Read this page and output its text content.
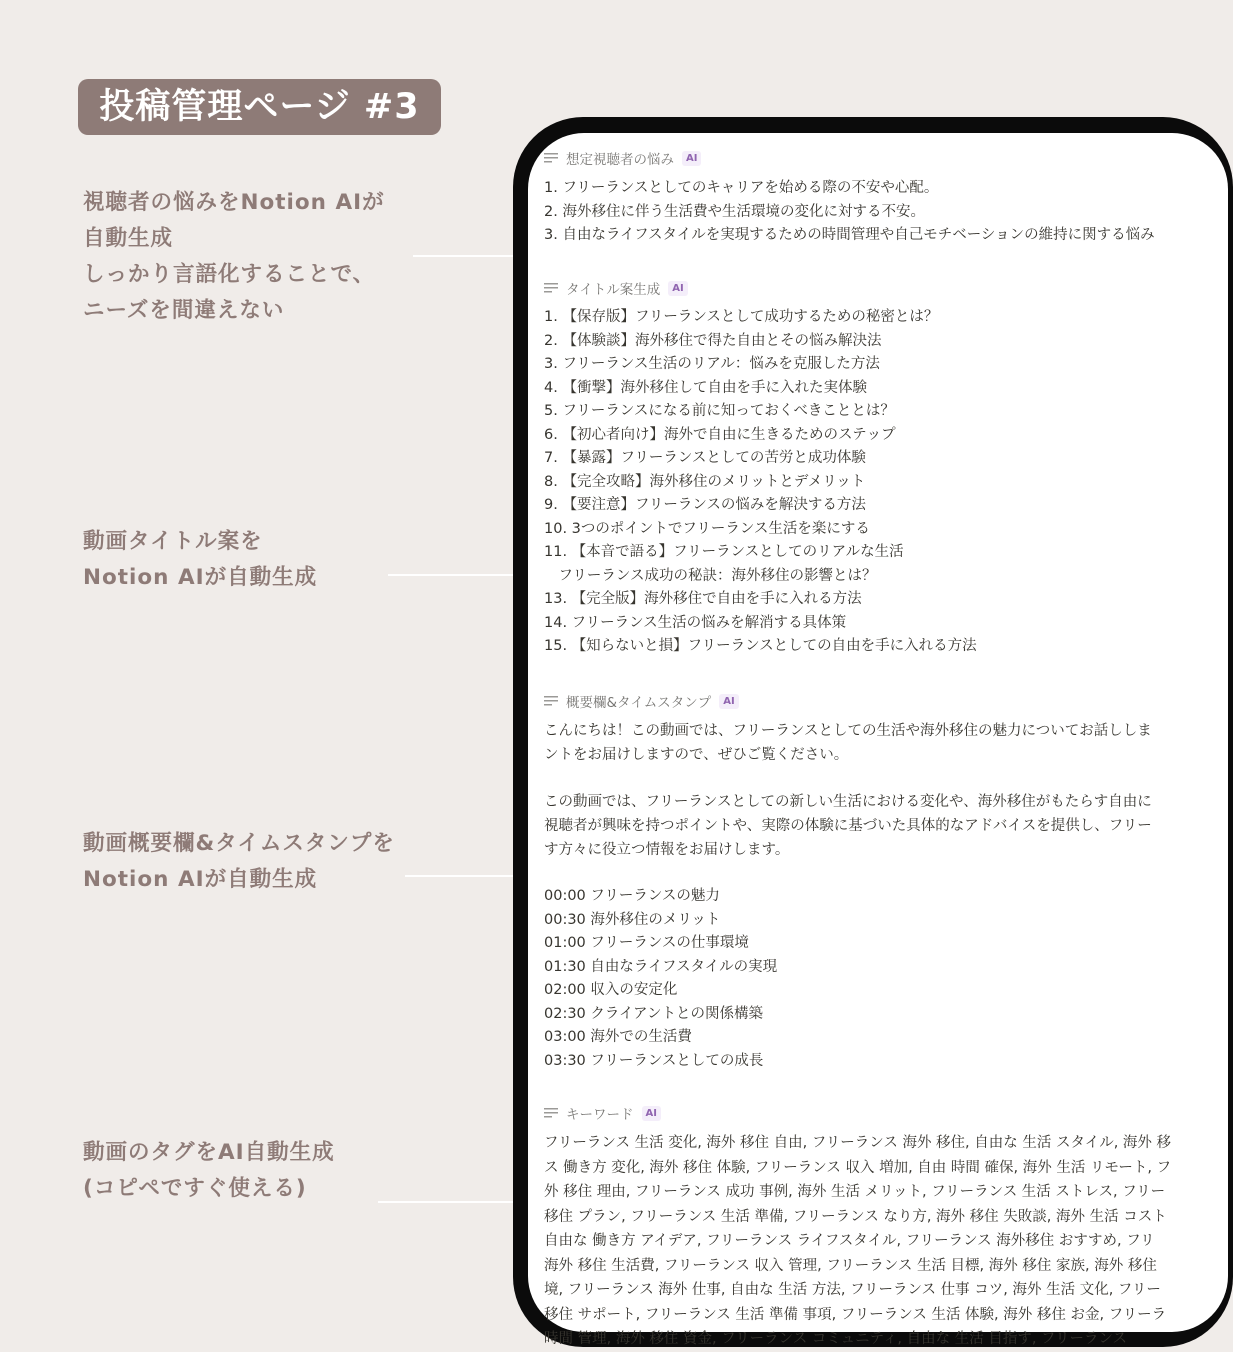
投稿管理ページ #3
視聴者の悩みをNotion AIが
自動生成
しっかり言語化することで、
ニーズを間違えない
動画タイトル案を
Notion AIが自動生成
動画概要欄&タイムスタンプを
Notion AIが自動生成
動画のタグをAI自動生成
(コピペですぐ使える)
想定視聴者の悩み	AI
1. フリーランスとしてのキャリアを始める際の不安や心配。
2. 海外移住に伴う生活費や生活環境の変化に対する不安。
3. 自由なライフスタイルを実現するための時間管理や自己モチベーションの維持に関する悩み
タイトル案生成	AI
1. 【保存版】フリーランスとして成功するための秘密とは？
2. 【体験談】海外移住で得た自由とその悩み解決法
3. フリーランス生活のリアル：悩みを克服した方法
4. 【衝撃】海外移住して自由を手に入れた実体験
5. フリーランスになる前に知っておくべきこととは？
6. 【初心者向け】海外で自由に生きるためのステップ
7. 【暴露】フリーランスとしての苦労と成功体験
8. 【完全攻略】海外移住のメリットとデメリット
9. 【要注意】フリーランスの悩みを解決する方法
10. 3つのポイントでフリーランス生活を楽にする
11. 【本音で語る】フリーランスとしてのリアルな生活
　フリーランス成功の秘訣：海外移住の影響とは？
13. 【完全版】海外移住で自由を手に入れる方法
14. フリーランス生活の悩みを解消する具体策
15. 【知らないと損】フリーランスとしての自由を手に入れる方法
概要欄&タイムスタンプ	AI
こんにちは！この動画では、フリーランスとしての生活や海外移住の魅力についてお話ししま
ントをお届けしますので、ぜひご覧ください。
この動画では、フリーランスとしての新しい生活における変化や、海外移住がもたらす自由に
視聴者が興味を持つポイントや、実際の体験に基づいた具体的なアドバイスを提供し、フリー
す方々に役立つ情報をお届けします。
00:00 フリーランスの魅力
00:30 海外移住のメリット
01:00 フリーランスの仕事環境
01:30 自由なライフスタイルの実現
02:00 収入の安定化
02:30 クライアントとの関係構築
03:00 海外での生活費
03:30 フリーランスとしての成長
キーワード	AI
フリーランス 生活 変化, 海外 移住 自由, フリーランス 海外 移住, 自由な 生活 スタイル, 海外 移
ス 働き方 変化, 海外 移住 体験, フリーランス 収入 増加, 自由 時間 確保, 海外 生活 リモート, フ
外 移住 理由, フリーランス 成功 事例, 海外 生活 メリット, フリーランス 生活 ストレス, フリー
移住 プラン, フリーランス 生活 準備, フリーランス なり方, 海外 移住 失敗談, 海外 生活 コスト
自由な 働き方 アイデア, フリーランス ライフスタイル, フリーランス 海外移住 おすすめ, フリ
海外 移住 生活費, フリーランス 収入 管理, フリーランス 生活 目標, 海外 移住 家族, 海外 移住
境, フリーランス 海外 仕事, 自由な 生活 方法, フリーランス 仕事 コツ, 海外 生活 文化, フリー
移住 サポート, フリーランス 生活 準備 事項, フリーランス 生活 体験, 海外 移住 お金, フリーラ
時間 管理, 海外 移住 資金, フリーランス コミュニティ, 自由な 生活 目指す, フリーランス
